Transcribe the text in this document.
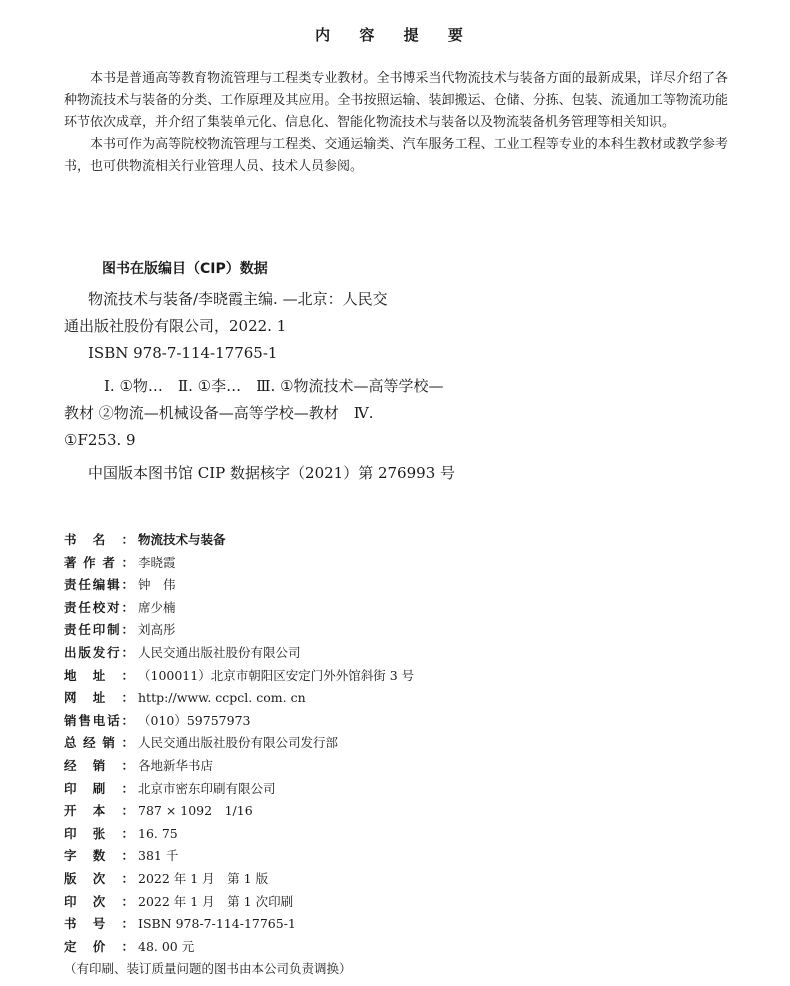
内 容 提 要

本书是普通高等教育物流管理与工程类专业教材。全书博采当代物流技术与装备方面的最新成果，详尽介绍了各种物流技术与装备的分类、工作原理及其应用。全书按照运输、装卸搬运、仓储、分拣、包装、流通加工等物流功能环节依次成章，并介绍了集装单元化、信息化、智能化物流技术与装备以及物流装备机务管理等相关知识。

本书可作为高等院校物流管理与工程类、交通运输类、汽车服务工程、工业工程等专业的本科生教材或教学参考书，也可供物流相关行业管理人员、技术人员参阅。

图书在版编目（CIP）数据
物流技术与装备/李晓霞主编. —北京：人民交
通出版社股份有限公司，2022. 1
ISBN 978-7-114-17765-1
Ⅰ. ①物…　Ⅱ. ①李…　Ⅲ. ①物流技术—高等学校—
教材 ②物流—机械设备—高等学校—教材　Ⅳ.
①F253. 9
中国版本图书馆 CIP 数据核字（2021）第 276993 号
书 名 ： 物流技术与装备
著 作 者 ： 李晓霞
责 任 编 辑 ： 钟　伟
责 任 校 对 ： 席少楠
责 任 印 制 ： 刘高彤
出 版 发 行 ： 人民交通出版社股份有限公司
地 址 ： （100011）北京市朝阳区安定门外外馆斜街 3 号
网 址 ： http://www. ccpcl. com. cn
销 售 电 话 ： （010）59757973
总 经 销 ： 人民交通出版社股份有限公司发行部
经 销 ： 各地新华书店
印 刷 ： 北京市密东印刷有限公司
开 本 ： 787 × 1092　1/16
印 张 ： 16. 75
字 数 ： 381 千
版 次 ： 2022 年 1 月　第 1 版
印 次 ： 2022 年 1 月　第 1 次印刷
书 号 ： ISBN 978-7-114-17765-1
定 价 ： 48. 00 元
（有印刷、装订质量问题的图书由本公司负责调换）
